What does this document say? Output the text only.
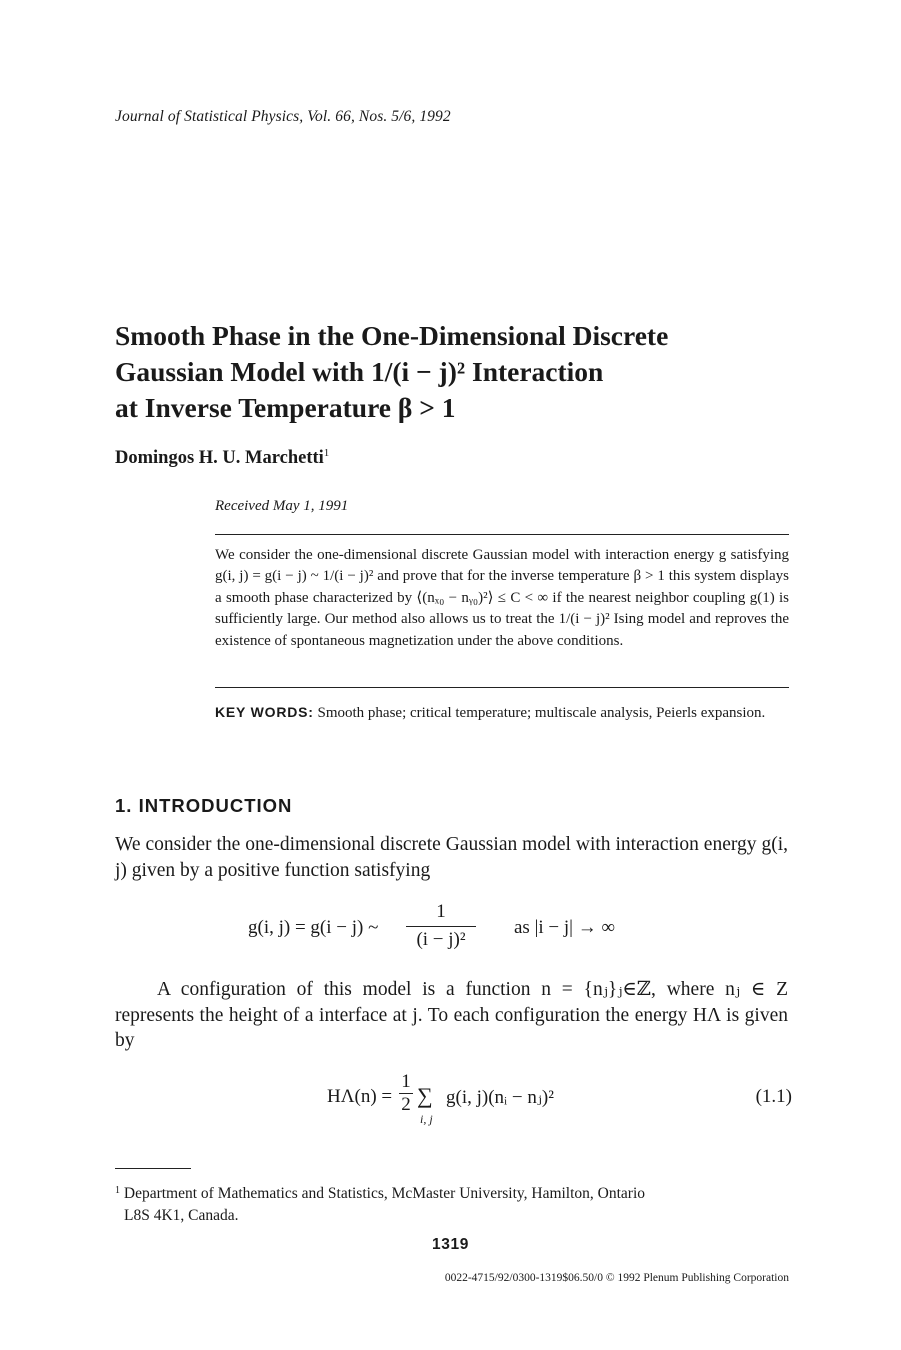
Journal of Statistical Physics, Vol. 66, Nos. 5/6, 1992
Smooth Phase in the One-Dimensional Discrete
Gaussian Model with 1/(i − j)² Interaction
at Inverse Temperature β > 1
Domingos H. U. Marchetti$^1$
Received May 1, 1991
We consider the one-dimensional discrete Gaussian model with interaction energy g satisfying g(i, j) = g(i − j) ~ 1/(i − j)² and prove that for the inverse temperature β > 1 this system displays a smooth phase characterized by ⟨(nₓ₀ − nᵧ₀)²⟩ ≤ C < ∞ if the nearest neighbor coupling g(1) is sufficiently large. Our method also allows us to treat the 1/(i − j)² Ising model and reproves the existence of spontaneous magnetization under the above conditions.
KEY WORDS: Smooth phase; critical temperature; multiscale analysis, Peierls expansion.
1. INTRODUCTION
We consider the one-dimensional discrete Gaussian model with interaction energy g(i, j) given by a positive function satisfying
g(i, j) = g(i − j) ~
1
(i − j)²
as |i − j| → ∞
A configuration of this model is a function n = {nⱼ}ⱼ∈ℤ, where nⱼ ∈ Z represents the height of a interface at j. To each configuration the energy HΛ is given by
HΛ(n) =
1
2 ∑
i, j
g(i, j)(nᵢ − nⱼ)²	(1.1)
$^1$ Department of Mathematics and Statistics, McMaster University, Hamilton, Ontario
L8S 4K1, Canada.
1319
0022-4715/92/0300-1319$06.50/0 © 1992 Plenum Publishing Corporation
